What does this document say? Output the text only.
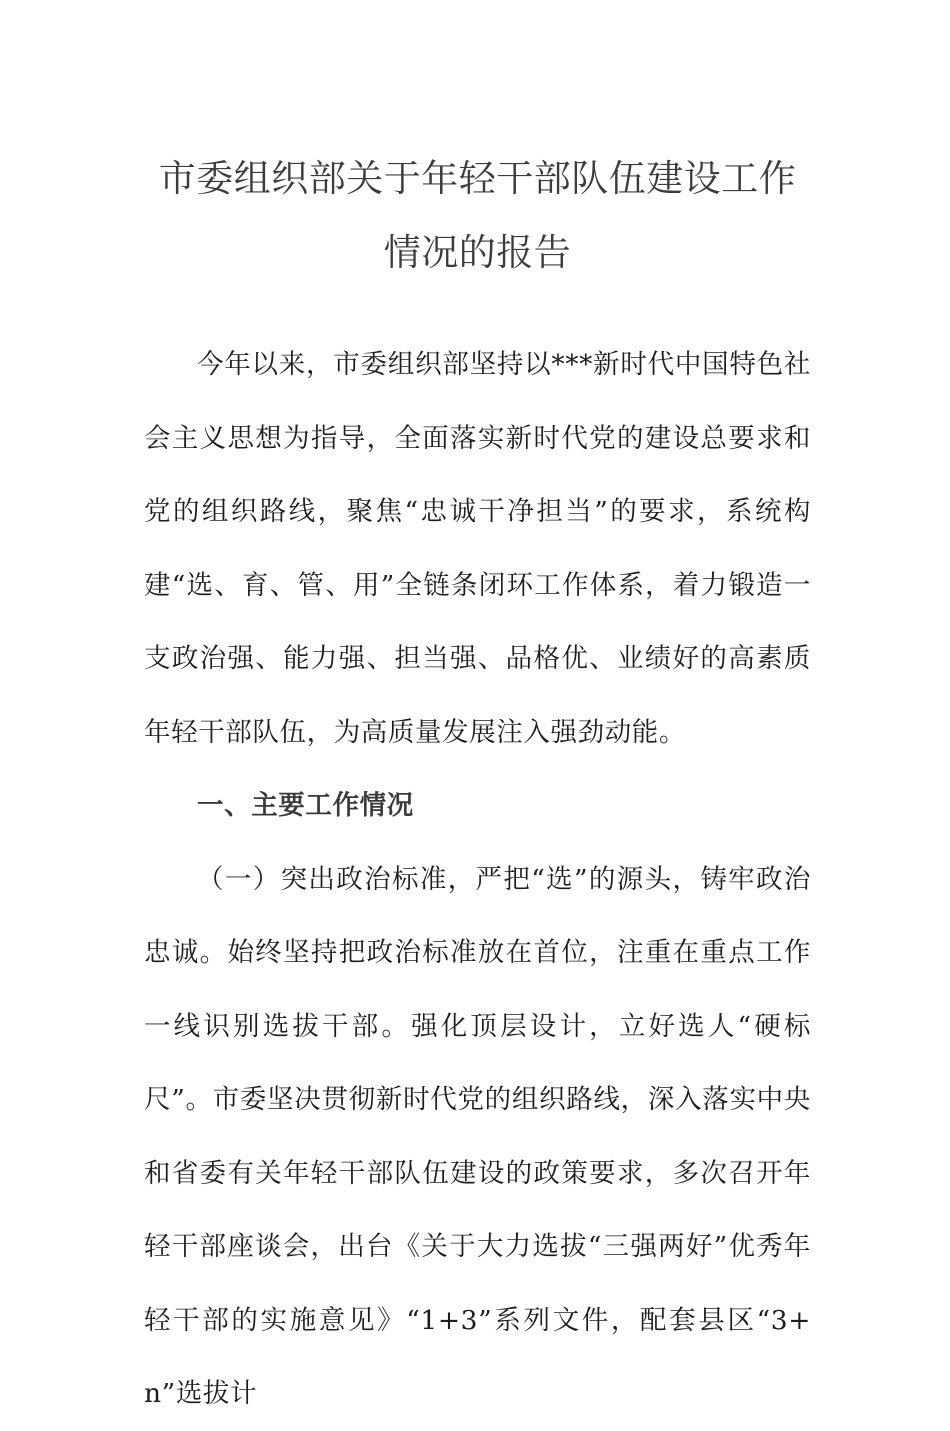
市委组织部关于年轻干部队伍建设工作情况的报告

今年以来，市委组织部坚持以***新时代中国特色社会主义思想为指导，全面落实新时代党的建设总要求和党的组织路线，聚焦“忠诚干净担当”的要求，系统构建“选、育、管、用”全链条闭环工作体系，着力锻造一支政治强、能力强、担当强、品格优、业绩好的高素质年轻干部队伍，为高质量发展注入强劲动能。

一、主要工作情况

（一）突出政治标准，严把“选”的源头，铸牢政治忠诚。始终坚持把政治标准放在首位，注重在重点工作一线识别选拔干部。强化顶层设计，立好选人“硬标尺”。市委坚决贯彻新时代党的组织路线，深入落实中央和省委有关年轻干部队伍建设的政策要求，多次召开年轻干部座谈会，出台《关于大力选拔“三强两好”优秀年轻干部的实施意见》“1+3”系列文件，配套县区“3+n”选拔计
